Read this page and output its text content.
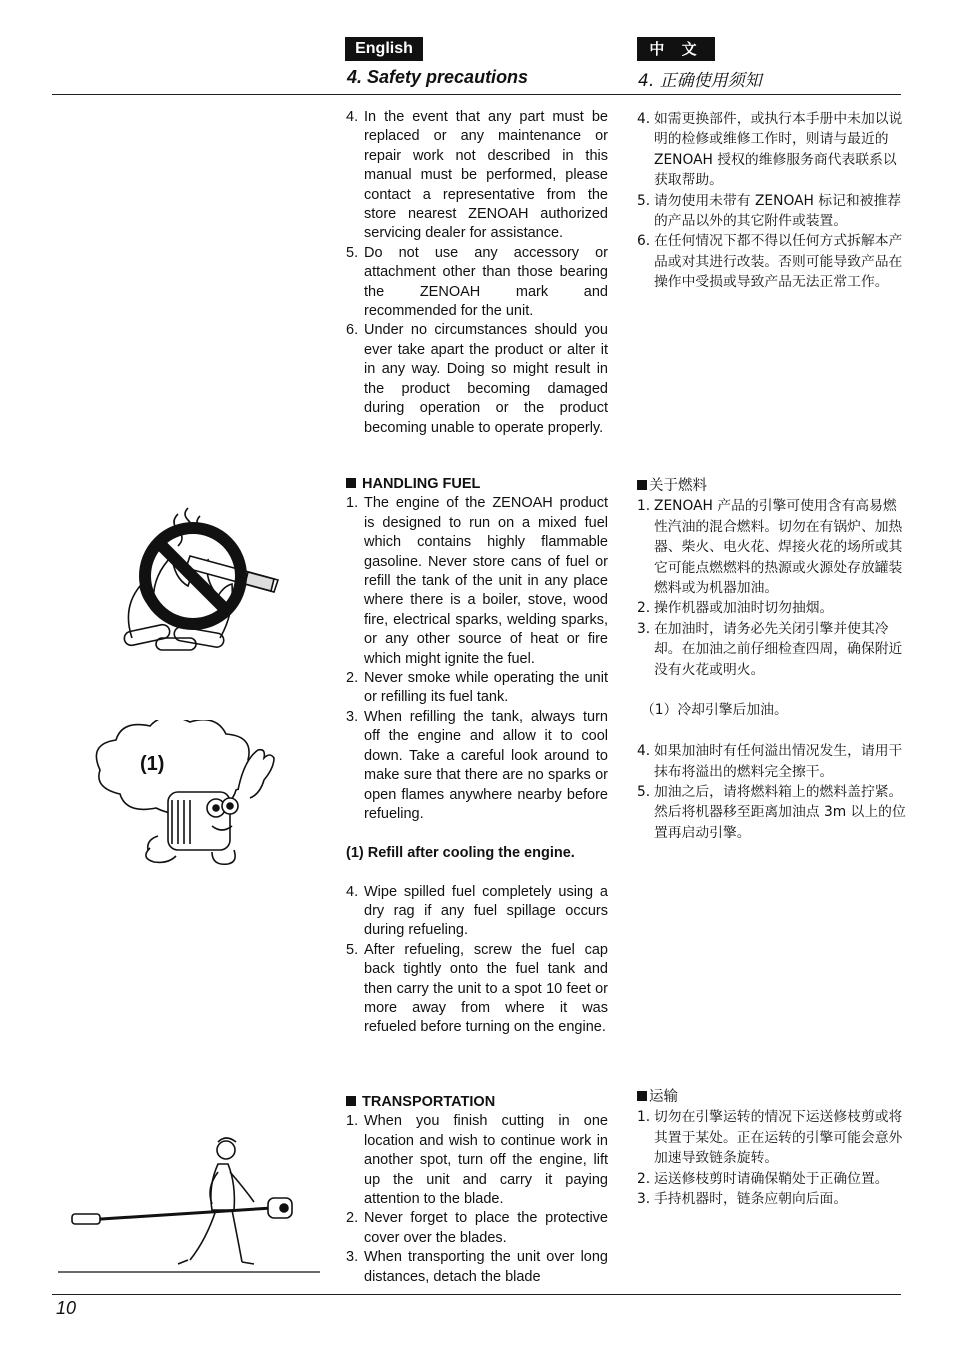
English	中 文
4. Safety precautions	4. 正确使用须知
4. In the event that any part must be replaced or any maintenance or repair work not described in this manual must be performed, please contact a representative from the store nearest ZENOAH authorized servicing dealer for assistance.
5. Do not use any accessory or attachment other than those bearing the ZENOAH mark and recommended for the unit.
6. Under no circumstances should you ever take apart the product or alter it in any way. Doing so might result in the product becoming damaged during operation or the product becoming unable to operate properly.

HANDLING FUEL

1. The engine of the ZENOAH product is designed to run on a mixed fuel which contains highly flammable gasoline. Never store cans of fuel or refill the tank of the unit in any place where there is a boiler, stove, wood fire, electrical sparks, welding sparks, or any other source of heat or fire which might ignite the fuel.
2. Never smoke while operating the unit or refilling its fuel tank.
3. When refilling the tank, always turn off the engine and allow it to cool down. Take a careful look around to make sure that there are no sparks or open flames anywhere nearby before refueling.

(1) Refill after cooling the engine.

4. Wipe spilled fuel completely using a dry rag if any fuel spillage occurs during refueling.
5. After refueling, screw the fuel cap back tightly onto the fuel tank and then carry the unit to a spot 10 feet or more away from where it was refueled before turning on the engine.

TRANSPORTATION

1. When you finish cutting in one location and wish to continue work in another spot, turn off the engine, lift up the unit and carry it paying attention to the blade.
2. Never forget to place the protective cover over the blades.
3. When transporting the unit over long distances, detach the blade
4. 如需更换部件，或执行本手册中未加以说明的检修或维修工作时，则请与最近的 ZENOAH 授权的维修服务商代表联系以获取帮助。
5. 请勿使用未带有 ZENOAH 标记和被推荐的产品以外的其它附件或装置。
6. 在任何情况下都不得以任何方式拆解本产品或对其进行改装。否则可能导致产品在操作中受损或导致产品无法正常工作。

关于燃料

1. ZENOAH 产品的引擎可使用含有高易燃性汽油的混合燃料。切勿在有锅炉、加热器、柴火、电火花、焊接火花的场所或其它可能点燃燃料的热源或火源处存放罐装燃料或为机器加油。
2. 操作机器或加油时切勿抽烟。
3. 在加油时，请务必先关闭引擎并使其冷却。在加油之前仔细检查四周，确保附近没有火花或明火。

（1）冷却引擎后加油。

4. 如果加油时有任何溢出情况发生，请用干抹布将溢出的燃料完全擦干。
5. 加油之后，请将燃料箱上的燃料盖拧紧。然后将机器移至距离加油点 3m 以上的位置再启动引擎。

运输

1. 切勿在引擎运转的情况下运送修枝剪或将其置于某处。正在运转的引擎可能会意外加速导致链条旋转。
2. 运送修枝剪时请确保鞘处于正确位置。
3. 手持机器时，链条应朝向后面。
(1)
10
